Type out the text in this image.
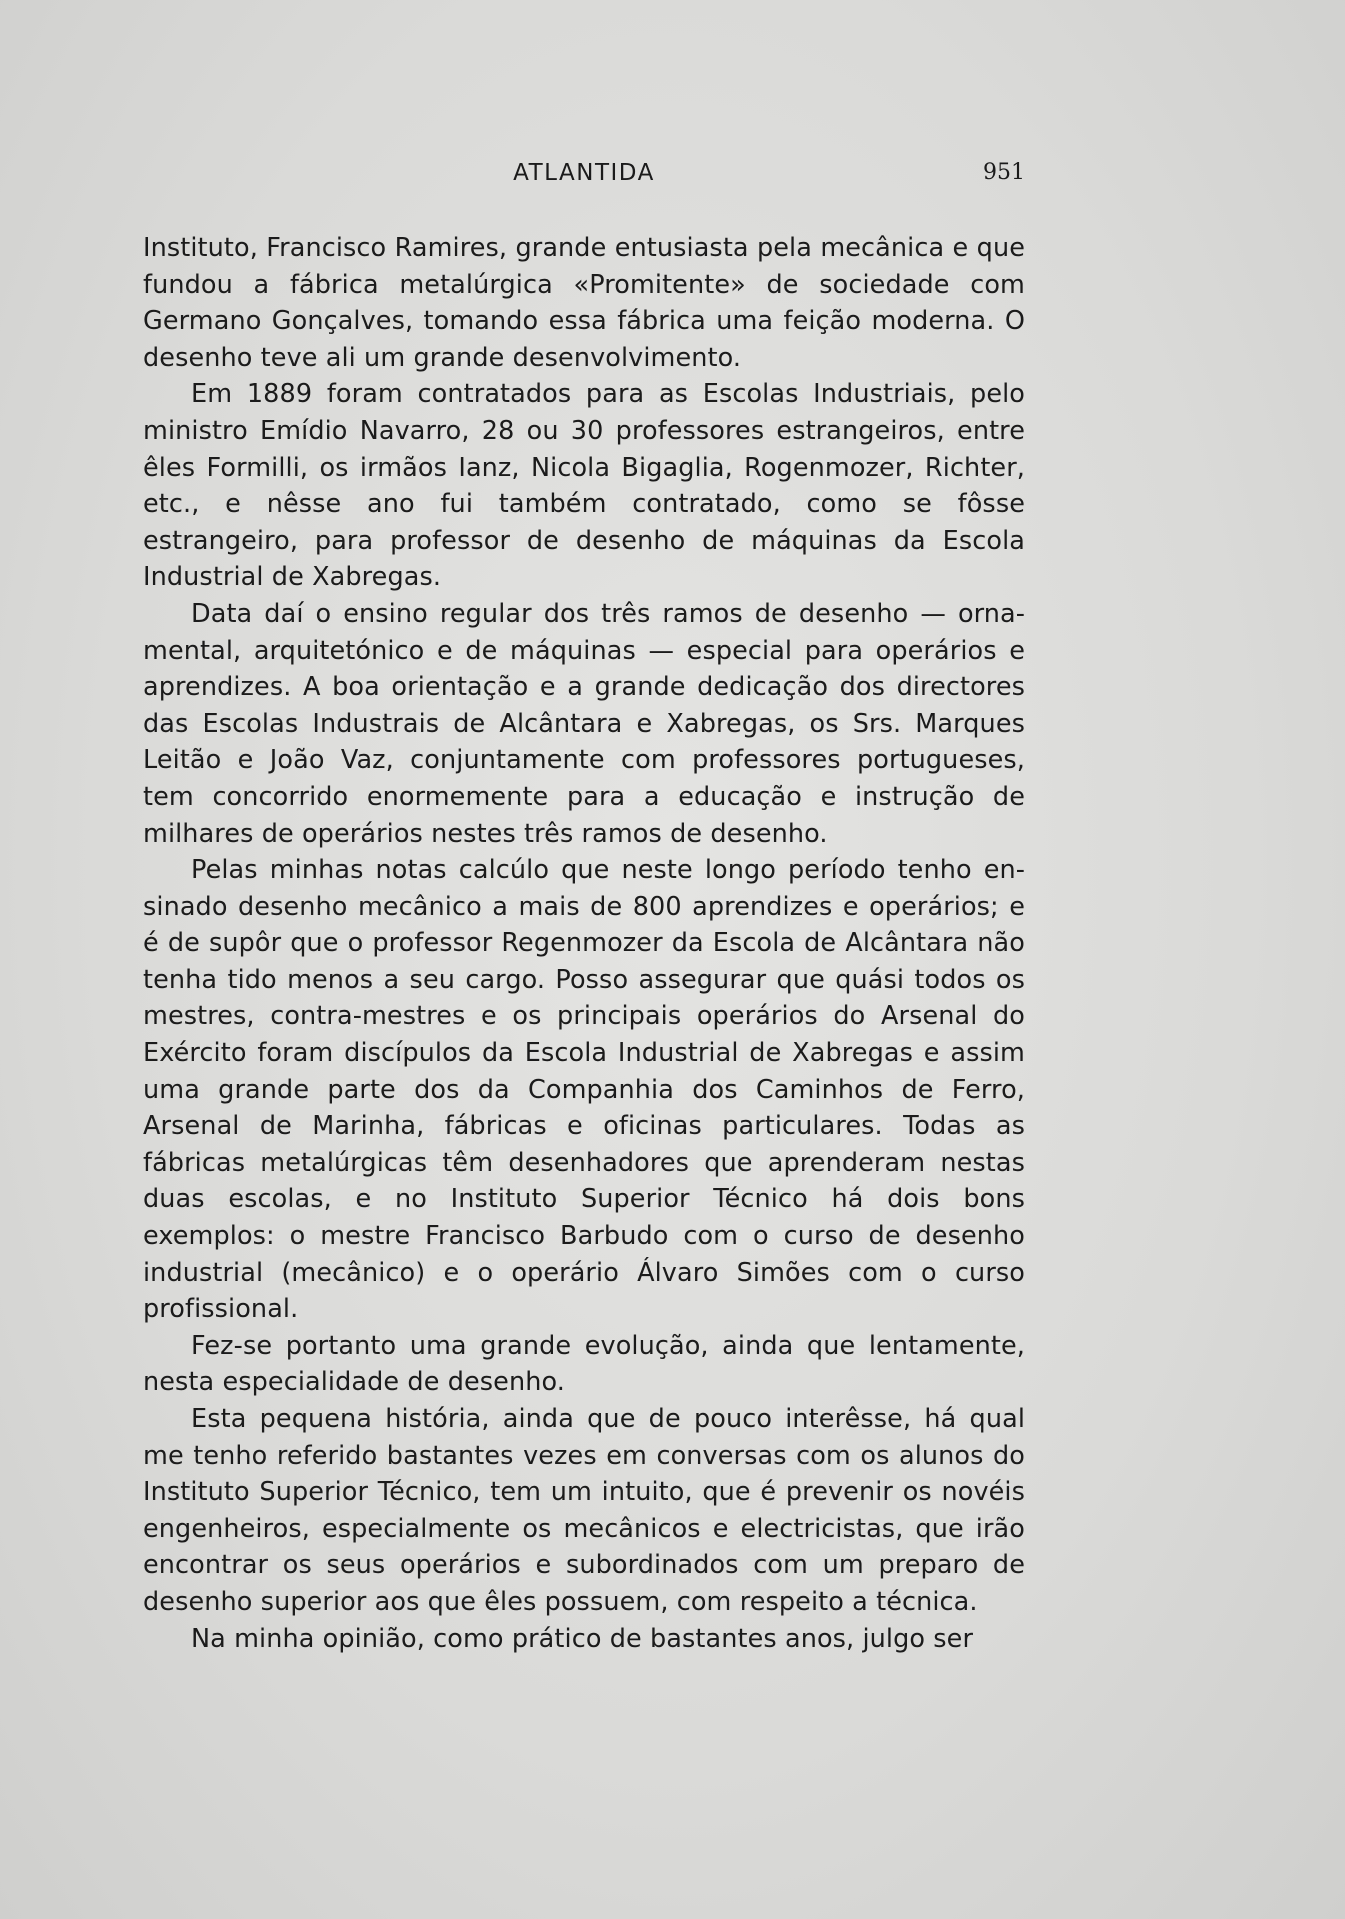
ATLANTIDA	951

Instituto, Francisco Ramires, grande entusiasta pela mecânica e que fundou a fábrica metalúrgica «Promitente» de sociedade com Germano Gonçalves, tomando essa fábrica uma feição moderna. O desenho teve ali um grande desenvolvimento.

Em 1889 foram contratados para as Escolas Industriais, pelo ministro Emídio Navarro, 28 ou 30 professores estrangeiros, entre êles Formilli, os irmãos Ianz, Nicola Bigaglia, Rogenmozer, Richter, etc., e nêsse ano fui também contratado, como se fôsse estrangeiro, para professor de desenho de máquinas da Escola Industrial de Xabregas.

Data daí o ensino regular dos três ramos de desenho — ornamental, arquitetónico e de máquinas — especial para operários e aprendizes. A boa orientação e a grande dedicação dos directores das Escolas Industrais de Alcântara e Xabregas, os Srs. Marques Leitão e João Vaz, conjuntamente com professores portugueses, tem concorrido enormemente para a educação e instrução de milhares de operários nestes três ramos de desenho.

Pelas minhas notas calcúlo que neste longo período tenho ensinado desenho mecânico a mais de 800 aprendizes e operários; e é de supôr que o professor Regenmozer da Escola de Alcântara não tenha tido menos a seu cargo. Posso assegurar que quási todos os mestres, contra-mestres e os principais operários do Arsenal do Exército foram discípulos da Escola Industrial de Xabregas e assim uma grande parte dos da Companhia dos Caminhos de Ferro, Arsenal de Marinha, fábricas e oficinas particulares. Todas as fábricas metalúrgicas têm desenhadores que aprenderam nestas duas escolas, e no Instituto Superior Técnico há dois bons exemplos: o mestre Francisco Barbudo com o curso de desenho industrial (mecânico) e o operário Álvaro Simões com o curso profissional.

Fez-se portanto uma grande evolução, ainda que lentamente, nesta especialidade de desenho.

Esta pequena história, ainda que de pouco interêsse, há qual me tenho referido bastantes vezes em conversas com os alunos do Instituto Superior Técnico, tem um intuito, que é prevenir os novéis engenheiros, especialmente os mecânicos e electricistas, que irão encontrar os seus operários e subordinados com um preparo de desenho superior aos que êles possuem, com respeito a técnica.

Na minha opinião, como prático de bastantes anos, julgo ser
